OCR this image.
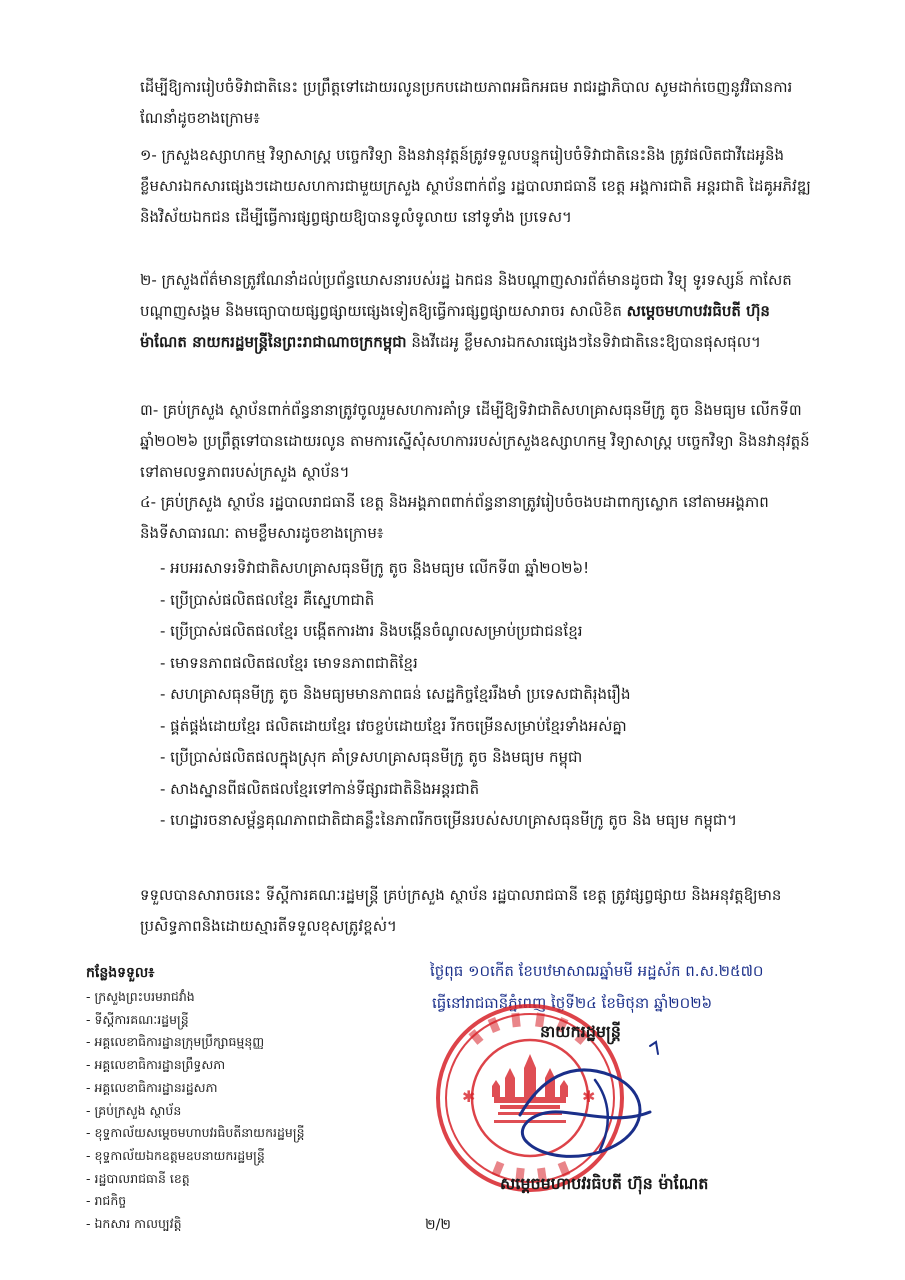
ដើម្បីឱ្យការរៀបចំទិវាជាតិនេះ ប្រព្រឹត្តទៅដោយរលូនប្រកបដោយភាពអធិកអធម រាជរដ្ឋាភិបាល សូមដាក់ចេញនូវវិធានការណែនាំដូចខាងក្រោម៖

១- ក្រសួងឧស្សាហកម្ម វិទ្យាសាស្ត្រ បច្ចេកវិទ្យា និងនវានុវត្តន៍ត្រូវទទួលបន្ទុករៀបចំទិវាជាតិនេះនិង ត្រូវផលិតជាវីដេអូនិងខ្លឹមសារឯកសារផ្សេងៗដោយសហការជាមួយក្រសួង ស្ថាប័នពាក់ព័ន្ធ រដ្ឋបាលរាជធានី ខេត្ត អង្គការជាតិ អន្តរជាតិ ដៃគូអភិវឌ្ឍ និងវិស័យឯកជន ដើម្បីធ្វើការផ្សព្វផ្សាយឱ្យបានទូលំទូលាយ នៅទូទាំង ប្រទេស។

២- ក្រសួងព័ត៌មានត្រូវណែនាំដល់ប្រព័ន្ធឃោសនារបស់រដ្ឋ ឯកជន និងបណ្ដាញសារព័ត៌មានដូចជា វិទ្យុ ទូរទស្សន៍ កាសែត បណ្តាញសង្គម និងមធ្យោបាយផ្សព្វផ្សាយផ្សេងទៀតឱ្យធ្វើការផ្សព្វផ្សាយសារាចរ សាលិខិត សម្តេចមហាបវរធិបតី ហ៊ុន ម៉ាណែត នាយករដ្ឋមន្ត្រីនៃព្រះរាជាណាចក្រកម្ពុជា និងវីដេអូ ខ្លឹមសារឯកសារផ្សេងៗនៃទិវាជាតិនេះឱ្យបានផុសផុល។

៣- គ្រប់ក្រសួង ស្ថាប័នពាក់ព័ន្ធនានាត្រូវចូលរួមសហការគាំទ្រ ដើម្បីឱ្យទិវាជាតិសហគ្រាសធុនមីក្រូ តូច និងមធ្យម លើកទី៣ ឆ្នាំ២០២៦ ប្រព្រឹត្តទៅបានដោយរលូន តាមការស្នើសុំសហការរបស់ក្រសួងឧស្សាហកម្ម វិទ្យាសាស្ត្រ បច្ចេកវិទ្យា និងនវានុវត្តន៍ទៅតាមលទ្ធភាពរបស់ក្រសួង ស្ថាប័ន។

៤- គ្រប់ក្រសួង ស្ថាប័ន រដ្ឋបាលរាជធានី ខេត្ត និងអង្គភាពពាក់ព័ន្ធនានាត្រូវរៀបចំចងបដាពាក្យស្លោក នៅតាមអង្គភាពនិងទីសាធារណៈ តាមខ្លឹមសារដូចខាងក្រោម៖

- អបអរសាទរទិវាជាតិសហគ្រាសធុនមីក្រូ តូច និងមធ្យម លើកទី៣ ឆ្នាំ២០២៦!
- ប្រើប្រាស់ផលិតផលខ្មែរ គឺស្នេហាជាតិ
- ប្រើប្រាស់ផលិតផលខ្មែរ បង្កើតការងារ និងបង្កើនចំណូលសម្រាប់ប្រជាជនខ្មែរ
- មោទនភាពផលិតផលខ្មែរ មោទនភាពជាតិខ្មែរ
- សហគ្រាសធុនមីក្រូ តូច និងមធ្យមមានភាពធន់ សេដ្ឋកិច្ចខ្មែររឹងមាំ ប្រទេសជាតិរុងរឿង
- ផ្គត់ផ្គង់ដោយខ្មែរ ផលិតដោយខ្មែរ វេចខ្ចប់ដោយខ្មែរ រីកចម្រើនសម្រាប់ខ្មែរទាំងអស់គ្នា
- ប្រើប្រាស់ផលិតផលក្នុងស្រុក គាំទ្រសហគ្រាសធុនមីក្រូ តូច និងមធ្យម កម្ពុជា
- សាងស្នានពីផលិតផលខ្មែរទៅកាន់ទីផ្សារជាតិនិងអន្តរជាតិ
- ហេដ្ឋារចនាសម្ព័ន្ធគុណភាពជាតិជាគន្លឹះនៃភាពរីកចម្រើនរបស់សហគ្រាសធុនមីក្រូ តូច និង មធ្យម កម្ពុជា។

ទទួលបានសារាចរនេះ ទីស្តីការគណៈរដ្ឋមន្ត្រី គ្រប់ក្រសួង ស្ថាប័ន រដ្ឋបាលរាជធានី ខេត្ត ត្រូវផ្សព្វផ្សាយ និងអនុវត្តឱ្យមានប្រសិទ្ធភាពនិងដោយស្មារតីទទួលខុសត្រូវខ្ពស់។

កន្លែងទទួល៖
- ក្រសួងព្រះបរមរាជវាំង
- ទីស្តីការគណៈរដ្ឋមន្ត្រី
- អគ្គលេខាធិការដ្ឋានក្រុមប្រឹក្សាធម្មនុញ្ញ
- អគ្គលេខាធិការដ្ឋានព្រឹទ្ធសភា
- អគ្គលេខាធិការដ្ឋានរដ្ឋសភា
- គ្រប់ក្រសួង ស្ថាប័ន
- ខុទ្ទកាល័យសម្តេចមហាបវរធិបតីនាយករដ្ឋមន្ត្រី
- ខុទ្ទកាល័យឯកឧត្តមឧបនាយករដ្ឋមន្ត្រី
- រដ្ឋបាលរាជធានី ខេត្ត
- រាជកិច្ច
- ឯកសារ កាលប្បវត្តិ
ថ្ងៃពុធ ១០កើត ខែបឋមាសាឍឆ្នាំមមី អដ្ឋស័ក ព.ស.២៥៧០
ធ្វើនៅរាជធានីភ្នំពេញ ថ្ងៃទី២៤ ខែមិថុនា ឆ្នាំ២០២៦
✱	✱
នាយករដ្ឋមន្ត្រី
សម្តេចមហាបវរធិបតី ហ៊ុន ម៉ាណែត
២/២
